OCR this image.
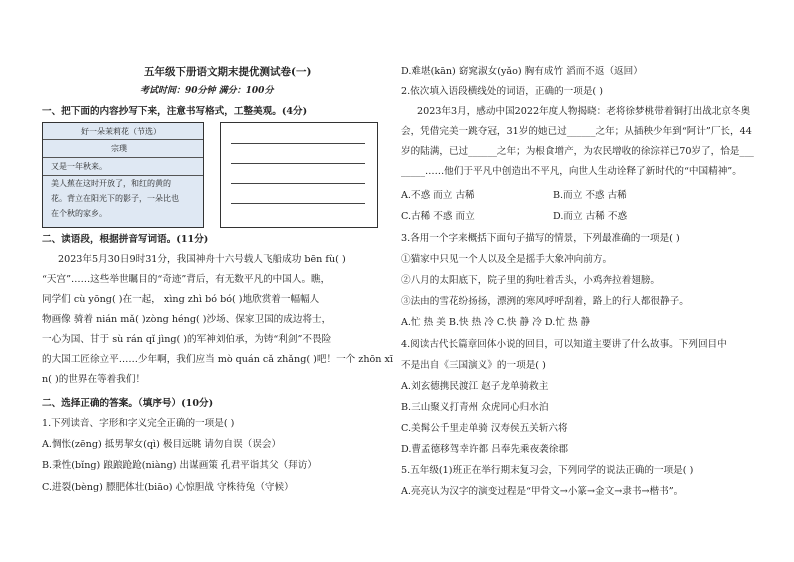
五年级下册语文期末提优测试卷(一)
考试时间：90分钟 满分：100分
一、把下面的内容抄写下来，注意书写格式，工整美观。(4分)
好一朵茉莉花（节选）
宗璞
又是一年秋来。
美人蕉在这时开放了，和红的黄的
花。背立在阳光下的影子，一朵比也
在个秋的家乡。
二、读语段，根据拼音写词语。(11分)
2023年5月30日9时31分，我国神舟十六号载人飞船成功 bēn fù( )
“天宫”……这些举世瞩目的“奇迹”背后，有无数平凡的中国人。瞧，
同学们 cù yōng( )在一起， xìng zhì bó bó( )地欣赏着一幅幅人
物画像 骑着 nián mǎ( )zòng héng( )沙场、保家卫国的成边将士，
一心为国、甘于 sù rán qǐ jìng( )的军神刘伯承，为铸“利剑”不畏险
的大国工匠徐立平……少年啊，我们应当 mò quán cǎ zhǎng( )吧！一个 zhōn xī
n( )的世界在等着我们！
二、选择正确的答案。（填序号）(10分)
1.下列读音、字形和字义完全正确的一项是( )
A.惆怅(zēng) 抵男挈女(qì) 极目远眺 请勿自误（误会）
B.秉性(bǐng) 踉踉跄跄(niàng) 出谋画策 孔君平诣其父（拜访）
C.进裂(bèng) 膘肥体壮(biāo) 心惊胆战 守株待兔（守候）
D.难堪(kān) 窈窕淑女(yǎo) 胸有成竹 滔而不返（返回）
2.依次填入语段横线处的词语，正确的一项是( )
2023年3月，感动中国2022年度人物揭晓：老将徐梦桃带着铜打出战北京冬奥
会，凭借完美一跳夺冠，31岁的她已过______之年；从插秧少年到“阿计”厂长，44
岁的陆满，已过______之年；为根食增产，为农民增收的徐淙祥已70岁了，恰是___
_____……他们于平凡中创造出不平凡，向世人生动诠释了新时代的“中国精神”。
A.不惑 而立 古稀	B.而立 不惑 古稀
C.古稀 不惑 而立	D.而立 古稀 不惑
3.各用一个字来概括下面句子描写的情景，下列最准确的一项是( )
①猫家中只见一个人以及全是摇手大象冲向前方。
②八月的太阳底下，院子里的狗吐着舌头，小鸡奔拉着翅膀。
③法由的雪花纷扬扬，漂洌的寒风呼呼刮着，路上的行人都很静子。
A.忙 热 美 B.快 热 冷 C.快 静 冷 D.忙 热 静
4.阅读古代长篇章回体小说的回目，可以知道主要讲了什么故事。下列回目中
不是出自《三国演义》的一项是( )
A.刘玄德携民渡江 赵子龙单骑救主
B.三山聚义打青州 众虎同心归水泊
C.美髯公千里走单骑 汉寿侯五关斩六将
D.曹孟德移驾幸许都 吕奉先乘夜袭徐郡
5.五年级(1)班正在举行期末复习会，下列同学的说法正确的一项是( )
A.亮亮认为汉字的演变过程是“甲骨文→小篆→金文→隶书→楷书”。
